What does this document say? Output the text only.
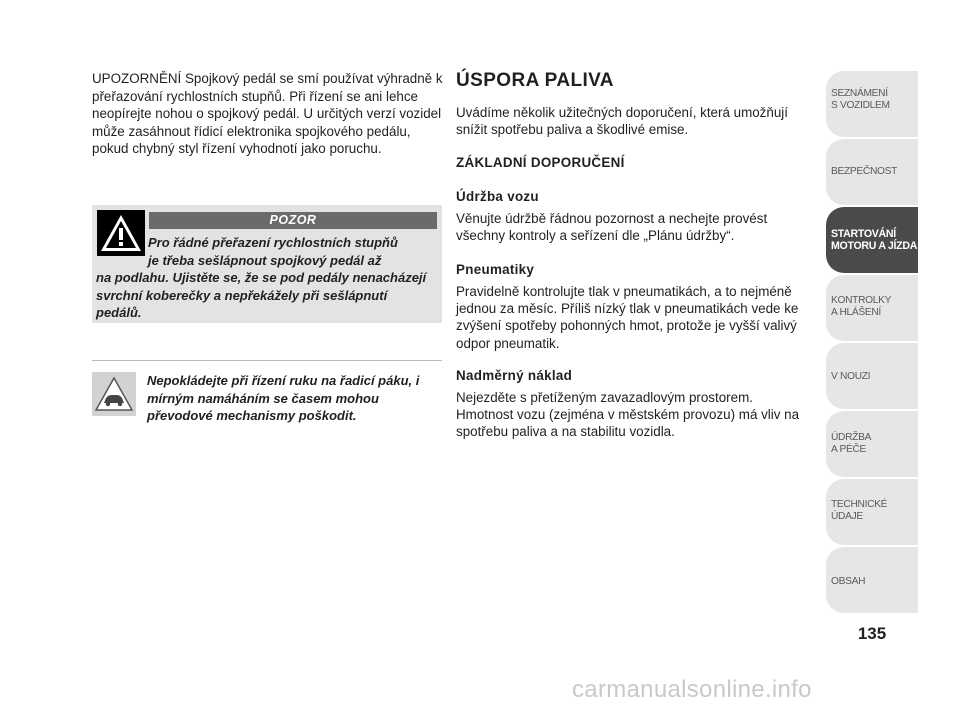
UPOZORNĚNÍ Spojkový pedál se smí používat výhradně k přeřazování rychlostních stupňů. Při řízení se ani lehce neopírejte nohou o spojkový pedál. U určitých verzí vozidel může zasáhnout řídicí elektronika spojkového pedálu, pokud chybný styl řízení vyhodnotí jako poruchu.
POZOR
Pro řádné přeřazení rychlostních stupňů
je třeba sešlápnout spojkový pedál až
na podlahu. Ujistěte se, že se pod pedály nenacházejí svrchní koberečky a nepřekážely při sešlápnutí pedálů.
Nepokládejte při řízení ruku na řadicí páku, i mírným namáháním se časem mohou převodové mechanismy poškodit.
ÚSPORA PALIVA

Uvádíme několik užitečných doporučení, která umožňují snížit spotřebu paliva a škodlivé emise.

ZÁKLADNÍ DOPORUČENÍ

Údržba vozu

Věnujte údržbě řádnou pozornost a nechejte provést všechny kontroly a seřízení dle „Plánu údržby“.

Pneumatiky

Pravidelně kontrolujte tlak v pneumatikách, a to nejméně jednou za měsíc. Příliš nízký tlak v pneumatikách vede ke zvýšení spotřeby pohonných hmot, protože je vyšší valivý odpor pneumatik.

Nadměrný náklad

Nejezděte s přetíženým zavazadlovým prostorem. Hmotnost vozu (zejména v městském provozu) má vliv na spotřebu paliva a na stabilitu vozidla.

SEZNÁMENÍ
S VOZIDLEM
BEZPEČNOST
STARTOVÁNÍ
MOTORU A JÍZDA
KONTROLKY
A HLÁŠENÍ
V NOUZI
ÚDRŽBA
A PÉČE
TECHNICKÉ
ÚDAJE
OBSAH
135
carmanualsonline.info
